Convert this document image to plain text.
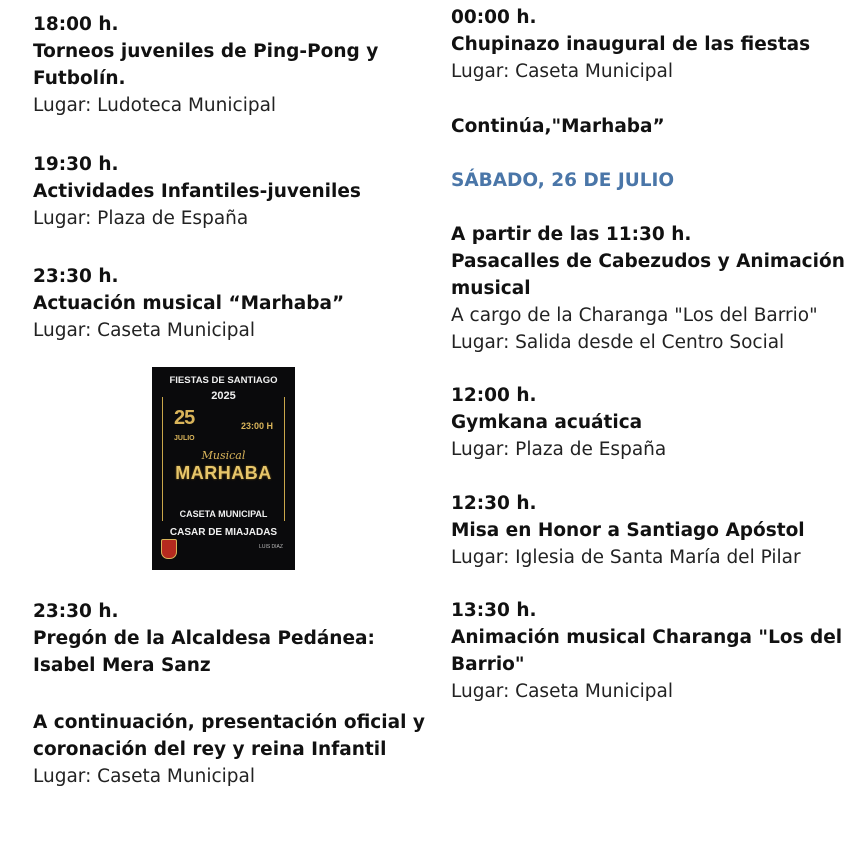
18:00 h.

Torneos juveniles de Ping-Pong y

Futbolín.

Lugar: Ludoteca Municipal

19:30 h.

Actividades Infantiles-juveniles

Lugar: Plaza de España

23:30 h.

Actuación musical “Marhaba”

Lugar: Caseta Municipal

23:30 h.

Pregón de la Alcaldesa Pedánea:

Isabel Mera Sanz

A continuación, presentación oficial y

coronación del rey y reina Infantil

Lugar: Caseta Municipal

FIESTAS DE SANTIAGO
2025
25
JULIO
23:00 H
Musical
MARHABA
CASETA MUNICIPAL
CASAR DE MIAJADAS
LUIS DIAZ

00:00 h.

Chupinazo inaugural de las fiestas

Lugar: Caseta Municipal

Continúa,"Marhaba”

SÁBADO, 26 DE JULIO

A partir de las 11:30 h.

Pasacalles de Cabezudos y Animación

musical

A cargo de la Charanga "Los del Barrio"

Lugar: Salida desde el Centro Social

12:00 h.

Gymkana acuática

Lugar: Plaza de España

12:30 h.

Misa en Honor a Santiago Apóstol

Lugar: Iglesia de Santa María del Pilar

13:30 h.

Animación musical Charanga "Los del

Barrio"

Lugar: Caseta Municipal
